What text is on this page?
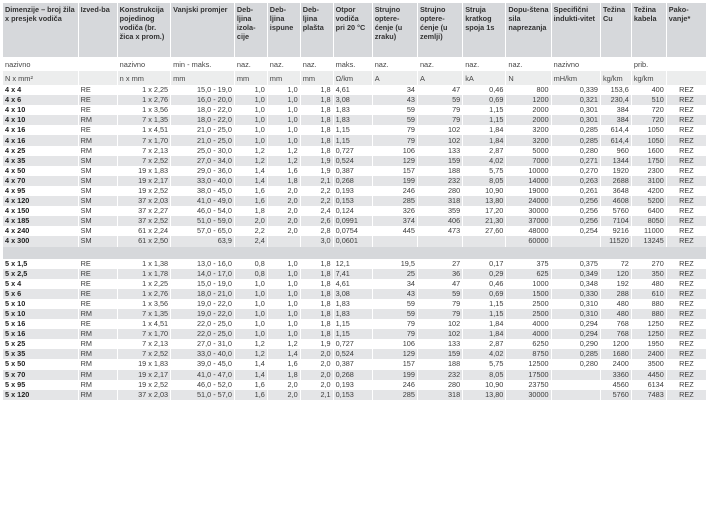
Dimenzije – broj žila x presjek vodiča	Izved-ba	Konstrukcija pojedinog vodiča (br. žica x prom.)	Vanjski promjer	Deb-ljina izola-cije	Deb-ljina ispune	Deb-ljina plašta	Otpor vodiča pri 20 °C	Strujno optere-ćenje (u zraku)	Strujno optere-ćenje (u zemlji)	Struja kratkog spoja 1s	Dopu-štena sila naprezanja	Specifični indukti-vitet	Težina Cu	Težina kabela	Pako-vanje*
nazivno		nazivno	min - maks.	naz.	naz.	naz.	maks.	naz.	naz.	naz.	naz.	nazivno		prib.	
N x mm²		n x mm	mm	mm	mm	mm	Ω/km	A	A	kA	N	mH/km	kg/km	kg/km	
4 x 4	RE	1 x 2,25	15,0 - 19,0	1,0	1,0	1,8	4,61	34	47	0,46	800	0,339	153,6	400	REZ
4 x 6	RE	1 x 2,76	16,0 - 20,0	1,0	1,0	1,8	3,08	43	59	0,69	1200	0,321	230,4	510	REZ
4 x 10	RE	1 x 3,56	18,0 - 22,0	1,0	1,0	1,8	1,83	59	79	1,15	2000	0,301	384	720	REZ
4 x 10	RM	7 x 1,35	18,0 - 22,0	1,0	1,0	1,8	1,83	59	79	1,15	2000	0,301	384	720	REZ
4 x 16	RE	1 x 4,51	21,0 - 25,0	1,0	1,0	1,8	1,15	79	102	1,84	3200	0,285	614,4	1050	REZ
4 x 16	RM	7 x 1,70	21,0 - 25,0	1,0	1,0	1,8	1,15	79	102	1,84	3200	0,285	614,4	1050	REZ
4 x 25	RM	7 x 2,13	25,0 - 30,0	1,2	1,2	1,8	0,727	106	133	2,87	5000	0,280	960	1600	REZ
4 x 35	SM	7 x 2,52	27,0 - 34,0	1,2	1,2	1,9	0,524	129	159	4,02	7000	0,271	1344	1750	REZ
4 x 50	SM	19 x 1,83	29,0 - 36,0	1,4	1,6	1,9	0,387	157	188	5,75	10000	0,270	1920	2300	REZ
4 x 70	SM	19 x 2,17	33,0 - 40,0	1,4	1,8	2,1	0,268	199	232	8,05	14000	0,263	2688	3100	REZ
4 x 95	SM	19 x 2,52	38,0 - 45,0	1,6	2,0	2,2	0,193	246	280	10,90	19000	0,261	3648	4200	REZ
4 x 120	SM	37 x 2,03	41,0 - 49,0	1,6	2,0	2,2	0,153	285	318	13,80	24000	0,256	4608	5200	REZ
4 x 150	SM	37 x 2,27	46,0 - 54,0	1,8	2,0	2,4	0,124	326	359	17,20	30000	0,256	5760	6400	REZ
4 x 185	SM	37 x 2,52	51,0 - 59,0	2,0	2,0	2,6	0,0991	374	406	21,30	37000	0,256	7104	8050	REZ
4 x 240	SM	61 x 2,24	57,0 - 65,0	2,2	2,0	2,8	0,0754	445	473	27,60	48000	0,254	9216	11000	REZ
4 x 300	SM	61 x 2,50	63,9	2,4		3,0	0,0601				60000		11520	13245	REZ

5 x 1,5	RE	1 x 1,38	13,0 - 16,0	0,8	1,0	1,8	12,1	19,5	27	0,17	375	0,375	72	270	REZ
5 x 2,5	RE	1 x 1,78	14,0 - 17,0	0,8	1,0	1,8	7,41	25	36	0,29	625	0,349	120	350	REZ
5 x 4	RE	1 x 2,25	15,0 - 19,0	1,0	1,0	1,8	4,61	34	47	0,46	1000	0,348	192	480	REZ
5 x 6	RE	1 x 2,76	18,0 - 21,0	1,0	1,0	1,8	3,08	43	59	0,69	1500	0,330	288	610	REZ
5 x 10	RE	1 x 3,56	19,0 - 22,0	1,0	1,0	1,8	1,83	59	79	1,15	2500	0,310	480	880	REZ
5 x 10	RM	7 x 1,35	19,0 - 22,0	1,0	1,0	1,8	1,83	59	79	1,15	2500	0,310	480	880	REZ
5 x 16	RE	1 x 4,51	22,0 - 25,0	1,0	1,0	1,8	1,15	79	102	1,84	4000	0,294	768	1250	REZ
5 x 16	RM	7 x 1,70	22,0 - 25,0	1,0	1,0	1,8	1,15	79	102	1,84	4000	0,294	768	1250	REZ
5 x 25	RM	7 x 2,13	27,0 - 31,0	1,2	1,2	1,9	0,727	106	133	2,87	6250	0,290	1200	1950	REZ
5 x 35	RM	7 x 2,52	33,0 - 40,0	1,2	1,4	2,0	0,524	129	159	4,02	8750	0,285	1680	2400	REZ
5 x 50	RM	19 x 1,83	39,0 - 45,0	1,4	1,6	2,0	0,387	157	188	5,75	12500	0,280	2400	3500	REZ
5 x 70	RM	19 x 2,17	41,0 - 47,0	1,4	1,8	2,0	0,268	199	232	8,05	17500		3360	4450	REZ
5 x 95	RM	19 x 2,52	46,0 - 52,0	1,6	2,0	2,0	0,193	246	280	10,90	23750		4560	6134	REZ
5 x 120	RM	37 x 2,03	51,0 - 57,0	1,6	2,0	2,1	0,153	285	318	13,80	30000		5760	7483	REZ
